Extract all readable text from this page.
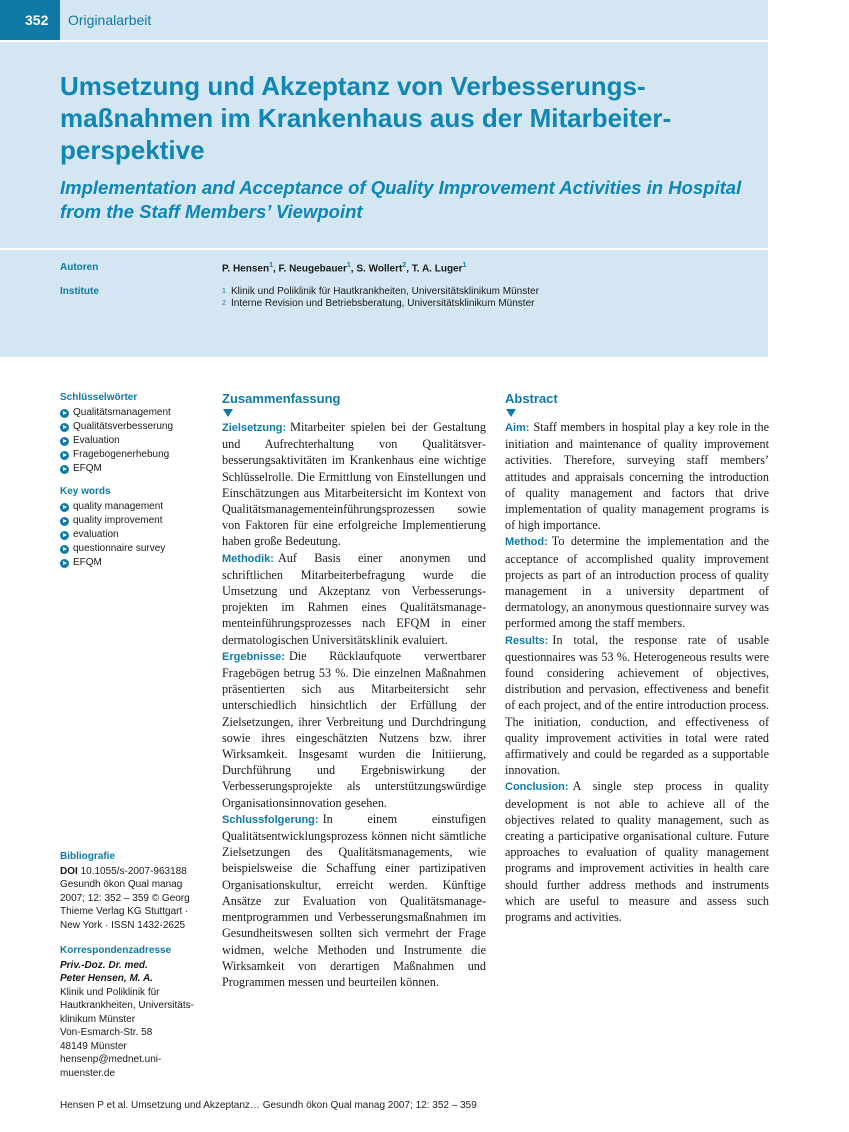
352	Originalarbeit
Umsetzung und Akzeptanz von Verbesserungsmaßnahmen im Krankenhaus aus der Mitarbeiterperspektive
Implementation and Acceptance of Quality Improvement Activities in Hospital from the Staff Members’ Viewpoint
Autoren	P. Hensen$^1$, F. Neugebauer$^1$, S. Wollert$^2$, T. A. Luger$^1$
Institute	1 Klinik und Poliklinik für Hautkrankheiten, Universitätsklinikum Münster
2 Interne Revision und Betriebsberatung, Universitätsklinikum Münster
Schlüsselwörter
Qualitätsmanagement
Qualitätsverbesserung
Evaluation
Fragebogenerhebung
EFQM
Key words
quality management
quality improvement
evaluation
questionnaire survey
EFQM
Zusammenfassung

Zielsetzung: Mitarbeiter spielen bei der Gestaltung und Aufrechterhaltung von Qualitätsverbesserungsaktivitäten im Krankenhaus eine wichtige Schlüsselrolle. Die Ermittlung von Einstellungen und Einschätzungen aus Mitarbeitersicht im Kontext von Qualitätsmanagementeinführungsprozessen sowie von Faktoren für eine erfolgreiche Implementierung haben große Bedeutung.

Methodik: Auf Basis einer anonymen und schriftlichen Mitarbeiterbefragung wurde die Umsetzung und Akzeptanz von Verbesserungsprojekten im Rahmen eines Qualitätsmanagementeinführungsprozesses nach EFQM in einer dermatologischen Universitätsklinik evaluiert.

Ergebnisse: Die Rücklaufquote verwertbarer Fragebögen betrug 53 %. Die einzelnen Maßnahmen präsentierten sich aus Mitarbeitersicht sehr unterschiedlich hinsichtlich der Erfüllung der Zielsetzungen, ihrer Verbreitung und Durchdringung sowie ihres eingeschätzten Nutzens bzw. ihrer Wirksamkeit. Insgesamt wurden die Initiierung, Durchführung und Ergebniswirkung der Verbesserungsprojekte als unterstützungswürdige Organisationsinnovation gesehen.

Schlussfolgerung: In einem einstufigen Qualitätsentwicklungsprozess können nicht sämtliche Zielsetzungen des Qualitätsmanagements, wie beispielsweise die Schaffung einer partizipativen Organisationskultur, erreicht werden. Künftige Ansätze zur Evaluation von Qualitätsmanagementprogrammen und Verbesserungsmaßnahmen im Gesundheitswesen sollten sich vermehrt der Frage widmen, welche Methoden und Instrumente die Wirksamkeit von derartigen Maßnahmen und Programmen messen und beurteilen können.

Abstract

Aim: Staff members in hospital play a key role in the initiation and maintenance of quality improvement activities. Therefore, surveying staff members’ attitudes and appraisals concerning the introduction of quality management and factors that drive implementation of quality management programs is of high importance.

Method: To determine the implementation and the acceptance of accomplished quality improvement projects as part of an introduction process of quality management in a university department of dermatology, an anonymous questionnaire survey was performed among the staff members.

Results: In total, the response rate of usable questionnaires was 53 %. Heterogeneous results were found considering achievement of objectives, distribution and pervasion, effectiveness and benefit of each project, and of the entire introduction process. The initiation, conduction, and effectiveness of quality improvement activities in total were rated affirmatively and could be regarded as a supportable innovation.

Conclusion: A single step process in quality development is not able to achieve all of the objectives related to quality management, such as creating a participative organisational culture. Future approaches to evaluation of quality management programs and improvement activities in health care should further address methods and instruments which are useful to measure and assess such programs and activities.

Bibliografie
DOI 10.1055/s-2007-963188
Gesundh ökon Qual manag 2007; 12: 352 – 359 © Georg Thieme Verlag KG Stuttgart · New York · ISSN 1432-2625
Korrespondenzadresse
Priv.-Doz. Dr. med.
Peter Hensen, M. A.
Klinik und Poliklinik für
Hautkrankheiten, Universitäts-
klinikum Münster
Von-Esmarch-Str. 58
48149 Münster
hensenp@mednet.uni-
muenster.de
Hensen P et al. Umsetzung und Akzeptanz… Gesundh ökon Qual manag 2007; 12: 352 – 359
